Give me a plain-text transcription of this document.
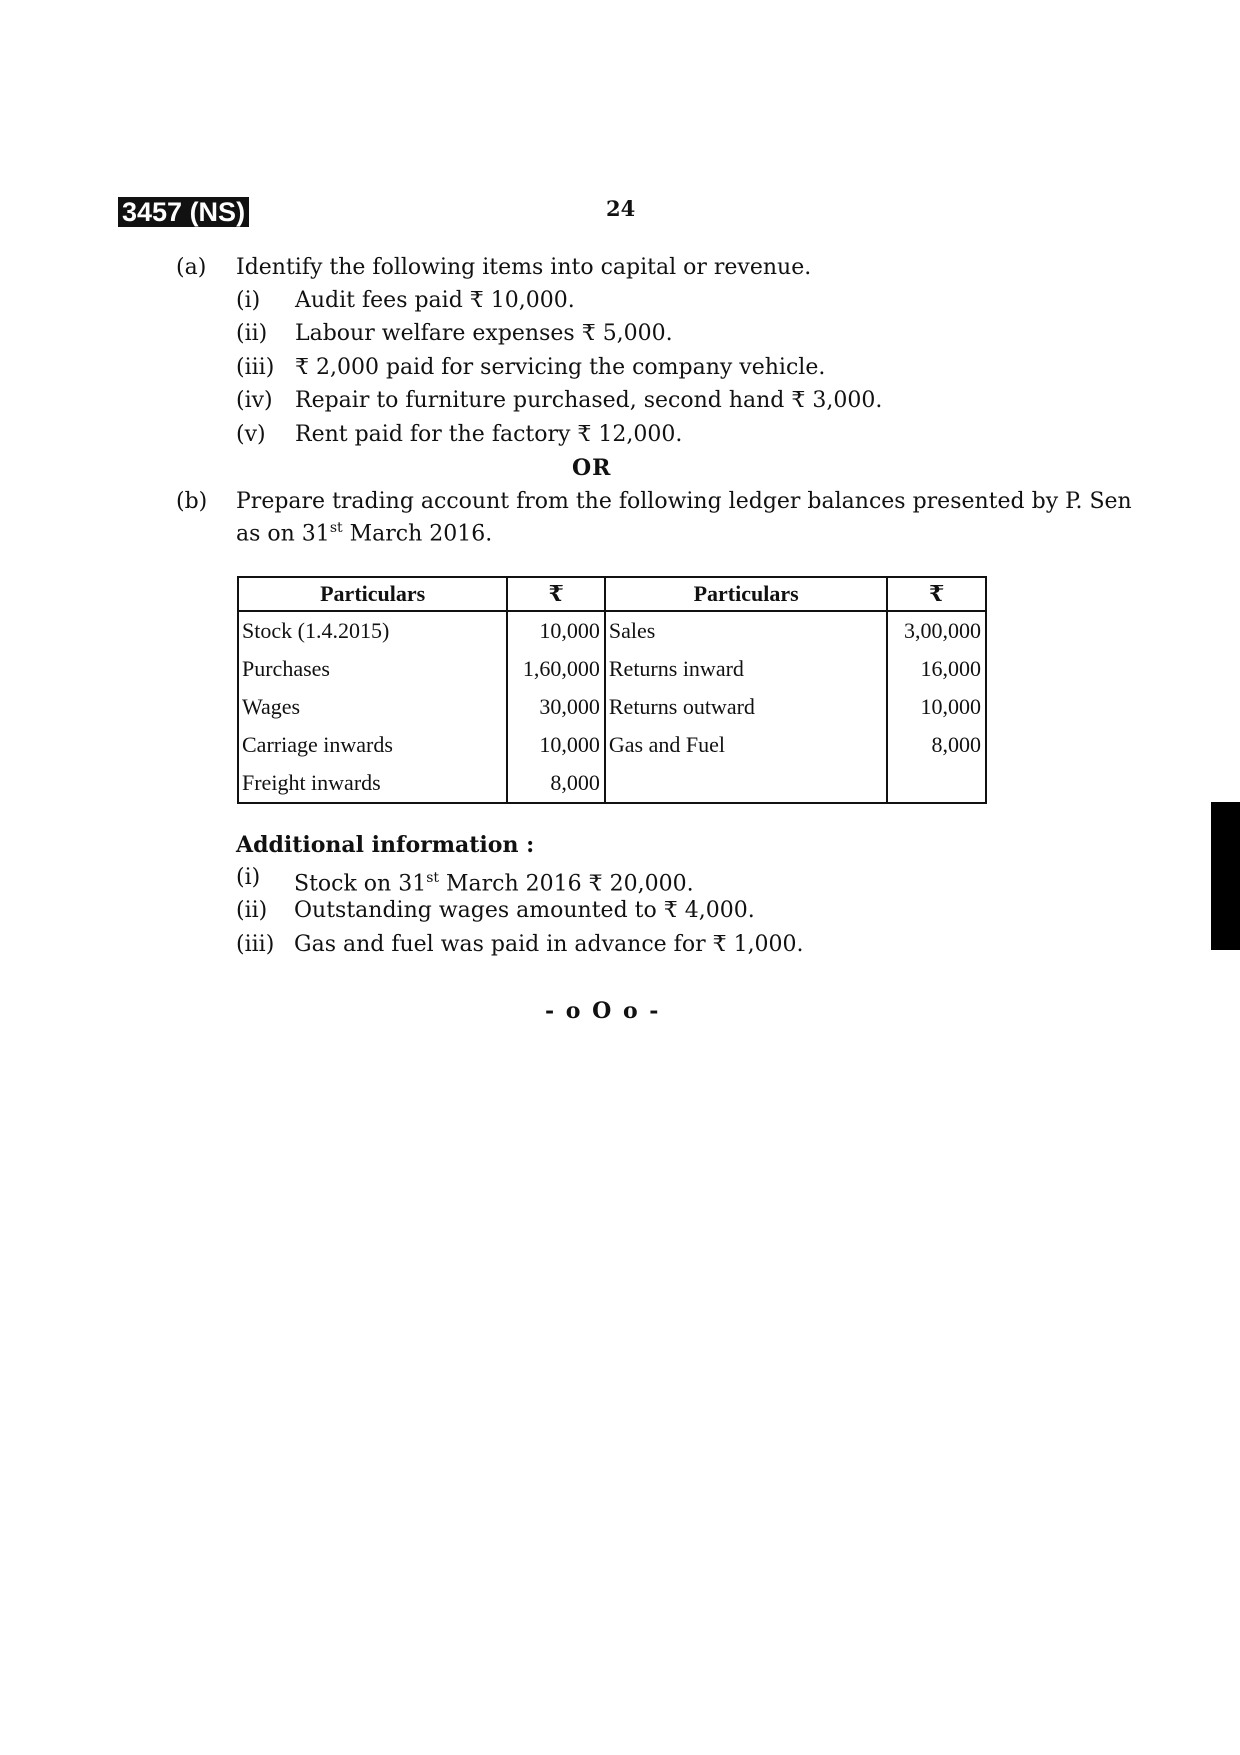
3457 (NS)	24
(a) Identify the following items into capital or revenue.
(i) Audit fees paid ₹ 10,000.
(ii) Labour welfare expenses ₹ 5,000.
(iii) ₹ 2,000 paid for servicing the company vehicle.
(iv) Repair to furniture purchased, second hand ₹ 3,000.
(v) Rent paid for the factory ₹ 12,000.
OR
(b) Prepare trading account from the following ledger balances presented by P. Sen
as on 31st March 2016.
Particulars	₹	Particulars	₹
Stock (1.4.2015)	10,000	Sales	3,00,000
Purchases	1,60,000	Returns inward	16,000
Wages	30,000	Returns outward	10,000
Carriage inwards	10,000	Gas and Fuel	8,000
Freight inwards	8,000		
Additional information :
(i) Stock on 31st March 2016 ₹ 20,000.
(ii) Outstanding wages amounted to ₹ 4,000.
(iii) Gas and fuel was paid in advance for ₹ 1,000.
- o O o -
